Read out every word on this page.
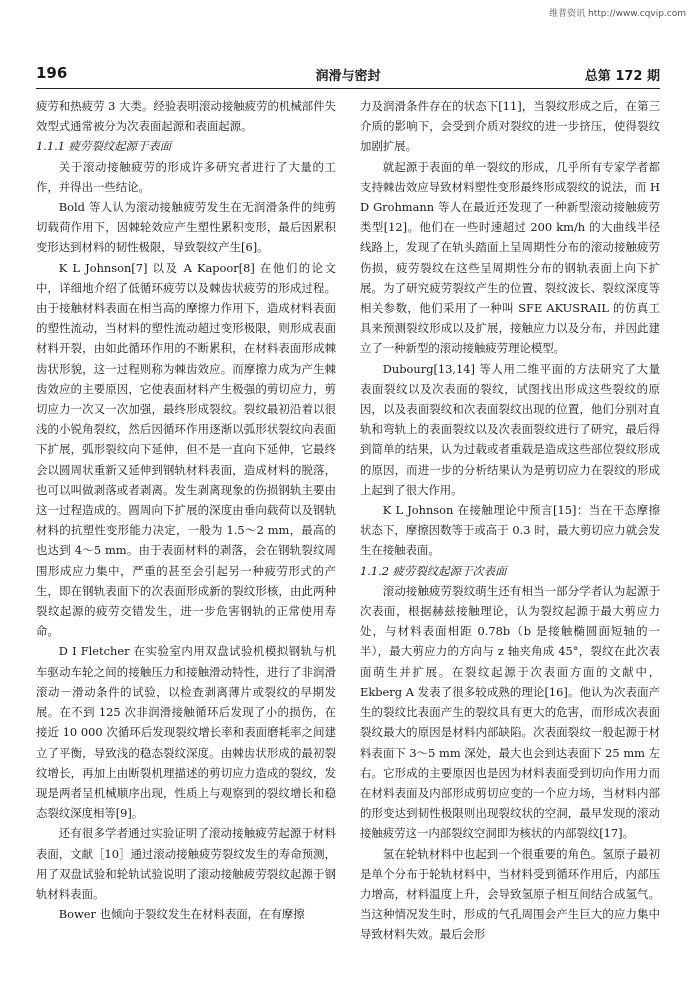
维普资讯 http://www.cqvip.com
196	润滑与密封	总第 172 期

疲劳和热疲劳 3 大类。经验表明滚动接触疲劳的机械部件失效型式通常被分为次表面起源和表面起源。

1.1.1 疲劳裂纹起源于表面

关于滚动接触疲劳的形成许多研究者进行了大量的工作，并得出一些结论。

Bold 等人认为滚动接触疲劳发生在无润滑条件的纯剪切载荷作用下，因棘轮效应产生塑性累积变形，最后因累积变形达到材料的韧性极限，导致裂纹产生[6]。

K L Johnson[7] 以及 A Kapoor[8] 在他们的论文中，详细地介绍了低循环疲劳以及棘齿状疲劳的形成过程。由于接触材料表面在相当高的摩擦力作用下，造成材料表面的塑性流动，当材料的塑性流动超过变形极限，则形成表面材料开裂，由如此循环作用的不断累积，在材料表面形成棘齿状形貌，这一过程则称为棘齿效应。而摩擦力成为产生棘齿效应的主要原因，它使表面材料产生极强的剪切应力，剪切应力一次又一次加强，最终形成裂纹。裂纹最初沿着以很浅的小锐角裂纹，然后因循环作用逐渐以弧形状裂纹向表面下扩展，弧形裂纹向下延伸，但不是一直向下延伸，它最终会以圆周状重新又延伸到钢轨材料表面，造成材料的脱落，也可以叫做剥落或者剥离。发生剥离现象的伤损钢轨主要由这一过程造成的。圆周向下扩展的深度由垂向载荷以及钢轨材料的抗塑性变形能力决定，一般为 1.5～2 mm，最高的也达到 4～5 mm。由于表面材料的剥落，会在钢轨裂纹周围形成应力集中，严重的甚至会引起另一种疲劳形式的产生，即在钢轨表面下的次表面形成新的裂纹形核，由此两种裂纹起源的疲劳交错发生，进一步危害钢轨的正常使用寿命。

D I Fletcher 在实验室内用双盘试验机模拟钢轨与机车驱动车轮之间的接触压力和接触滑动特性，进行了非润滑滚动－滑动条件的试验，以检查剥离薄片或裂纹的早期发展。在不到 125 次非润滑接触循环后发现了小的损伤，在接近 10 000 次循环后发现裂纹增长率和表面磨耗率之间建立了平衡，导致浅的稳态裂纹深度。由棘齿状形成的最初裂纹增长，再加上由断裂机理描述的剪切应力造成的裂纹，发现是两者呈机械顺序出现，性质上与观察到的裂纹增长和稳态裂纹深度相等[9]。

还有很多学者通过实验证明了滚动接触疲劳起源于材料表面，文献［10］通过滚动接触疲劳裂纹发生的寿命预测，用了双盘试验和轮轨试验说明了滚动接触疲劳裂纹起源于钢轨材料表面。

Bower 也倾向于裂纹发生在材料表面，在有摩擦

力及润滑条件存在的状态下[11]，当裂纹形成之后，在第三介质的影响下，会受到介质对裂纹的进一步挤压，使得裂纹加剧扩展。

就起源于表面的单一裂纹的形成，几乎所有专家学者都支持棘齿效应导致材料塑性变形最终形成裂纹的说法，而 H D Grohmann 等人在最近还发现了一种新型滚动接触疲劳类型[12]。他们在一些时速超过 200 km/h 的大曲线半径线路上，发现了在轨头踏面上呈周期性分布的滚动接触疲劳伤损，疲劳裂纹在这些呈周期性分布的钢轨表面上向下扩展。为了研究疲劳裂纹产生的位置、裂纹波长、裂纹深度等相关参数，他们采用了一种叫 SFE AKUSRAIL 的仿真工具来预测裂纹形成以及扩展，接触应力以及分布，并因此建立了一种新型的滚动接触疲劳理论模型。

Dubourg[13,14] 等人用二维平面的方法研究了大量表面裂纹以及次表面的裂纹，试图找出形成这些裂纹的原因，以及表面裂纹和次表面裂纹出现的位置，他们分别对直轨和弯轨上的表面裂纹以及次表面裂纹进行了研究，最后得到简单的结果，认为过载或者重载是造成这些部位裂纹形成的原因，而进一步的分析结果认为是剪切应力在裂纹的形成上起到了很大作用。

K L Johnson 在接触理论中预言[15]：当在干态摩擦状态下，摩擦因数等于或高于 0.3 时，最大剪切应力就会发生在接触表面。

1.1.2 疲劳裂纹起源于次表面

滚动接触疲劳裂纹萌生还有相当一部分学者认为起源于次表面，根据赫兹接触理论，认为裂纹起源于最大剪应力处，与材料表面相距 0.78b（b 是接触椭圆面短轴的一半），最大剪应力的方向与 z 轴夹角成 45°，裂纹在此次表面萌生并扩展。在裂纹起源于次表面方面的文献中，Ekberg A 发表了很多较成熟的理论[16]。他认为次表面产生的裂纹比表面产生的裂纹具有更大的危害，而形成次表面裂纹最大的原因是材料内部缺陷。次表面裂纹一般起源于材料表面下 3～5 mm 深处，最大也会到达表面下 25 mm 左右。它形成的主要原因也是因为材料表面受到切向作用力而在材料表面及内部形成剪切应变的一个应力场，当材料内部的形变达到韧性极限则出现裂纹状的空洞，最早发现的滚动接触疲劳这一内部裂纹空洞即为核状的内部裂纹[17]。

氢在轮轨材料中也起到一个很重要的角色。氢原子最初是单个分布于轮轨材料中，当材料受到循环作用后，内部压力增高，材料温度上升，会导致氢原子相互间结合成氢气。当这种情况发生时，形成的气孔周围会产生巨大的应力集中导致材料失效。最后会形
